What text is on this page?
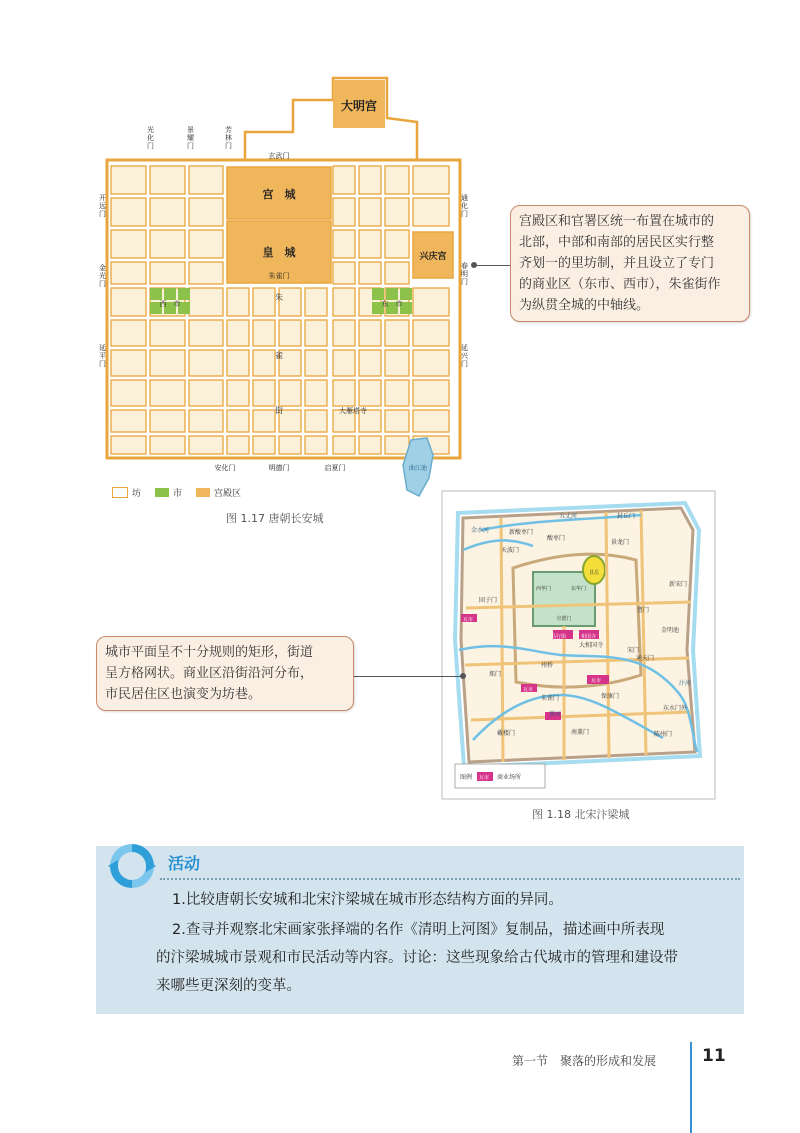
大明宫
宫　城
皇　城
朱雀门
兴庆宫
西　市	东　市
朱
雀
街	大雁塔寺
玄武门
安化门	明德门	启夏门	曲江池
光化门
景耀门
芳林门
开远门
金光门
延平门
通化门
春明门
延兴门
坊	市	宫殿区
图 1.17 唐朝长安城
宫殿区和官署区统一布置在城市的
北部，中部和南部的居民区实行整
齐划一的里坊制，并且设立了专门
的商业区（东市、西市），朱雀街作
为纵贯全城的中轴线。
五丈河
金水河
封丘门
新酸枣门
天波门
酸枣门
景龙门
艮岳
东华门
西华门
宣德门
新宋门
曹门
宋门
州桥
大相国寺
马行街	相国寺
固子门
郑门
戴楼门	南薰门
朱雀门	保康门
陈州门
东水门外
通天门
金明池
汴河
蔡河
瓦市
瓦市
瓦市
图例 瓦市 商业场所
图 1.18 北宋汴梁城
城市平面呈不十分规则的矩形，街道
呈方格网状。商业区沿街沿河分布，
市民居住区也演变为坊巷。
活动
1.比较唐朝长安城和北宋汴梁城在城市形态结构方面的异同。
2.查寻并观察北宋画家张择端的名作《清明上河图》复制品，描述画中所表现
的汴梁城城市景观和市民活动等内容。讨论：这些现象给古代城市的管理和建设带
来哪些更深刻的变革。
第一节　聚落的形成和发展	11
